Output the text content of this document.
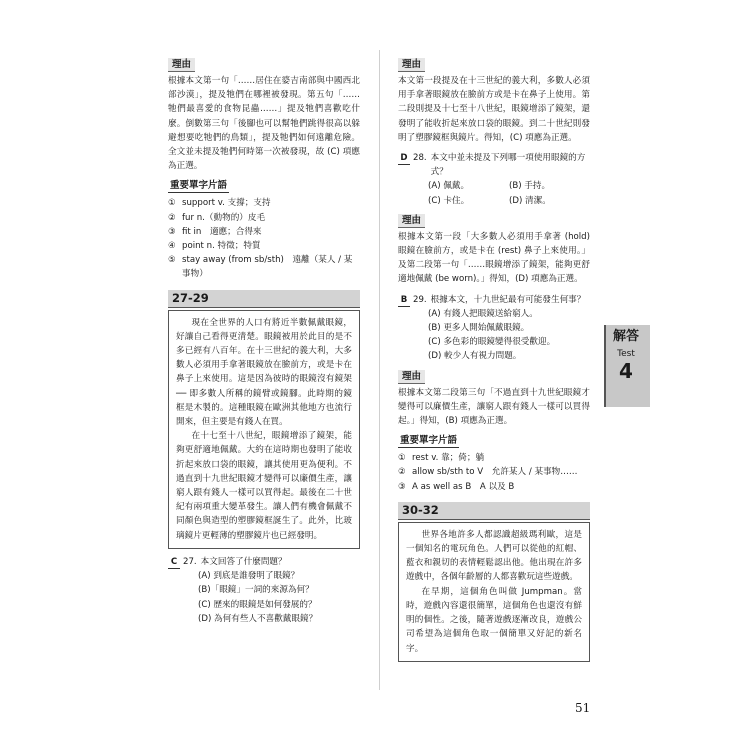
理由

根據本文第一句「……居住在婆吉南部與中國西北部沙漠」，提及牠們在哪裡被發現。第五句「……牠們最喜愛的食物昆蟲……」提及牠們喜歡吃什麼。倒數第三句「後腳也可以幫牠們跳得很高以躲避想要吃牠們的鳥類」，提及牠們如何遠離危險。全文並未提及牠們何時第一次被發現，故 (C) 項應為正選。

重要單字片語
① support v. 支撐；支持
② fur n.（動物的）皮毛
③ fit in　適應；合得來
④ point n. 特徵；特質
⑤ stay away (from sb/sth)　遠離（某人 / 某事物）
27-29

現在全世界的人口有將近半數佩戴眼鏡，好讓自己看得更清楚。眼鏡被用於此目的是不多已經有八百年。在十三世紀的義大利，大多數人必須用手拿著眼鏡放在臉前方，或是卡在鼻子上來使用。這是因為彼時的眼鏡沒有鏡架 ── 即多數人所稱的鏡臂或鏡腳。此時期的鏡框是木製的。這種眼鏡在歐洲其他地方也流行開來，但主要是有錢人在買。

在十七至十八世紀，眼鏡增添了鏡架，能夠更舒適地佩戴。大約在這時期也發明了能收折起來放口袋的眼鏡，讓其使用更為便利。不過直到十九世紀眼鏡才變得可以廉價生產，讓窮人跟有錢人一樣可以買得起。最後在二十世紀有兩項重大變革發生。讓人們有機會佩戴不同顏色與造型的塑膠鏡框誕生了。此外，比玻璃鏡片更輕薄的塑膠鏡片也已經發明。

C 27. 本文回答了什麼問題？
(A) 到底是誰發明了眼鏡？
(B)「眼鏡」一詞的來源為何？
(C) 歷來的眼鏡是如何發展的？
(D) 為何有些人不喜歡戴眼鏡？
理由

本文第一段提及在十三世紀的義大利，多數人必須用手拿著眼鏡放在臉前方或是卡在鼻子上使用。第二段則提及十七至十八世紀，眼鏡增添了鏡架，還發明了能收折起來放口袋的眼鏡。到二十世紀則發明了塑膠鏡框與鏡片。得知，(C) 項應為正選。

D 28. 本文中並未提及下列哪一項使用眼鏡的方式？
(A) 佩戴。	(B) 手持。
(C) 卡住。	(D) 清潔。
理由

根據本文第一段「大多數人必須用手拿著 (hold) 眼鏡在臉前方，或是卡在 (rest) 鼻子上來使用。」及第二段第一句「……眼鏡增添了鏡架，能夠更舒適地佩戴 (be worn)。」得知，(D) 項應為正選。

B 29. 根據本文，十九世紀最有可能發生何事？
(A) 有錢人把眼鏡送給窮人。
(B) 更多人開始佩戴眼鏡。
(C) 多色彩的眼鏡變得很受歡迎。
(D) 較少人有視力問題。
理由

根據本文第二段第三句「不過直到十九世紀眼鏡才變得可以廉價生產，讓窮人跟有錢人一樣可以買得起。」得知，(B) 項應為正選。

重要單字片語
① rest v. 靠；倚；躺
② allow sb/sth to V　允許某人 / 某事物……
③ A as well as B　A 以及 B
30-32

世界各地許多人都認識超級瑪利歐，這是一個知名的電玩角色。人們可以從他的紅帽、藍衣和親切的表情輕鬆認出他。他出現在許多遊戲中，各個年齡層的人都喜歡玩這些遊戲。

在早期，這個角色叫做 Jumpman。當時，遊戲內容還很簡單，這個角色也還沒有鮮明的個性。之後，隨著遊戲逐漸改良，遊戲公司希望為這個角色取一個簡單又好記的新名字。

解答
Test
4
51
